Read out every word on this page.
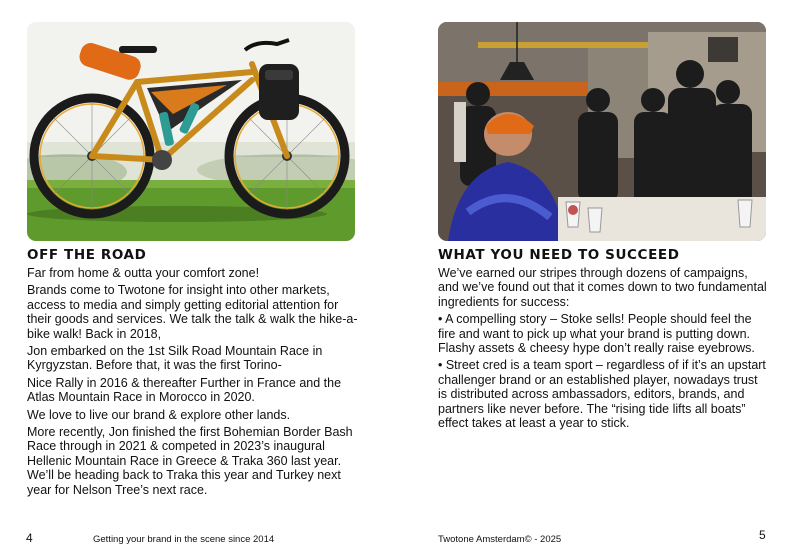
OFF THE ROAD

Far from home & outta your comfort zone!

Brands come to Twotone for insight into other markets, access to media and simply getting editorial attention for their goods and services. We talk the talk & walk the hike-a-bike walk! Back in 2018,

Jon embarked on the 1st Silk Road Mountain Race in Kyrgyzstan. Before that, it was the first Torino-

Nice Rally in 2016 & thereafter Further in France and the Atlas Mountain Race in Morocco in 2020.

We love to live our brand & explore other lands.

More recently, Jon finished the first Bohemian Border Bash Race through in 2021 & competed in 2023’s inaugural Hellenic Mountain Race in Greece & Traka 360 last year. We’ll be heading back to Traka this year and Turkey next year for Nelson Tree’s next race.

4	Getting your brand in the scene since 2014
WHAT YOU NEED TO SUCCEED

We’ve earned our stripes through dozens of campaigns, and we’ve found out that it comes down to two fundamental ingredients for success:

• A compelling story – Stoke sells! People should feel the fire and want to pick up what your brand is putting down. Flashy assets & cheesy hype don’t really raise eyebrows.

• Street cred is a team sport – regardless of if it’s an upstart challenger brand or an established player, nowadays trust is distributed across ambassadors, editors, brands, and partners like never before. The “rising tide lifts all boats” effect takes at least a year to stick.

Twotone Amsterdam© - 2025	5
